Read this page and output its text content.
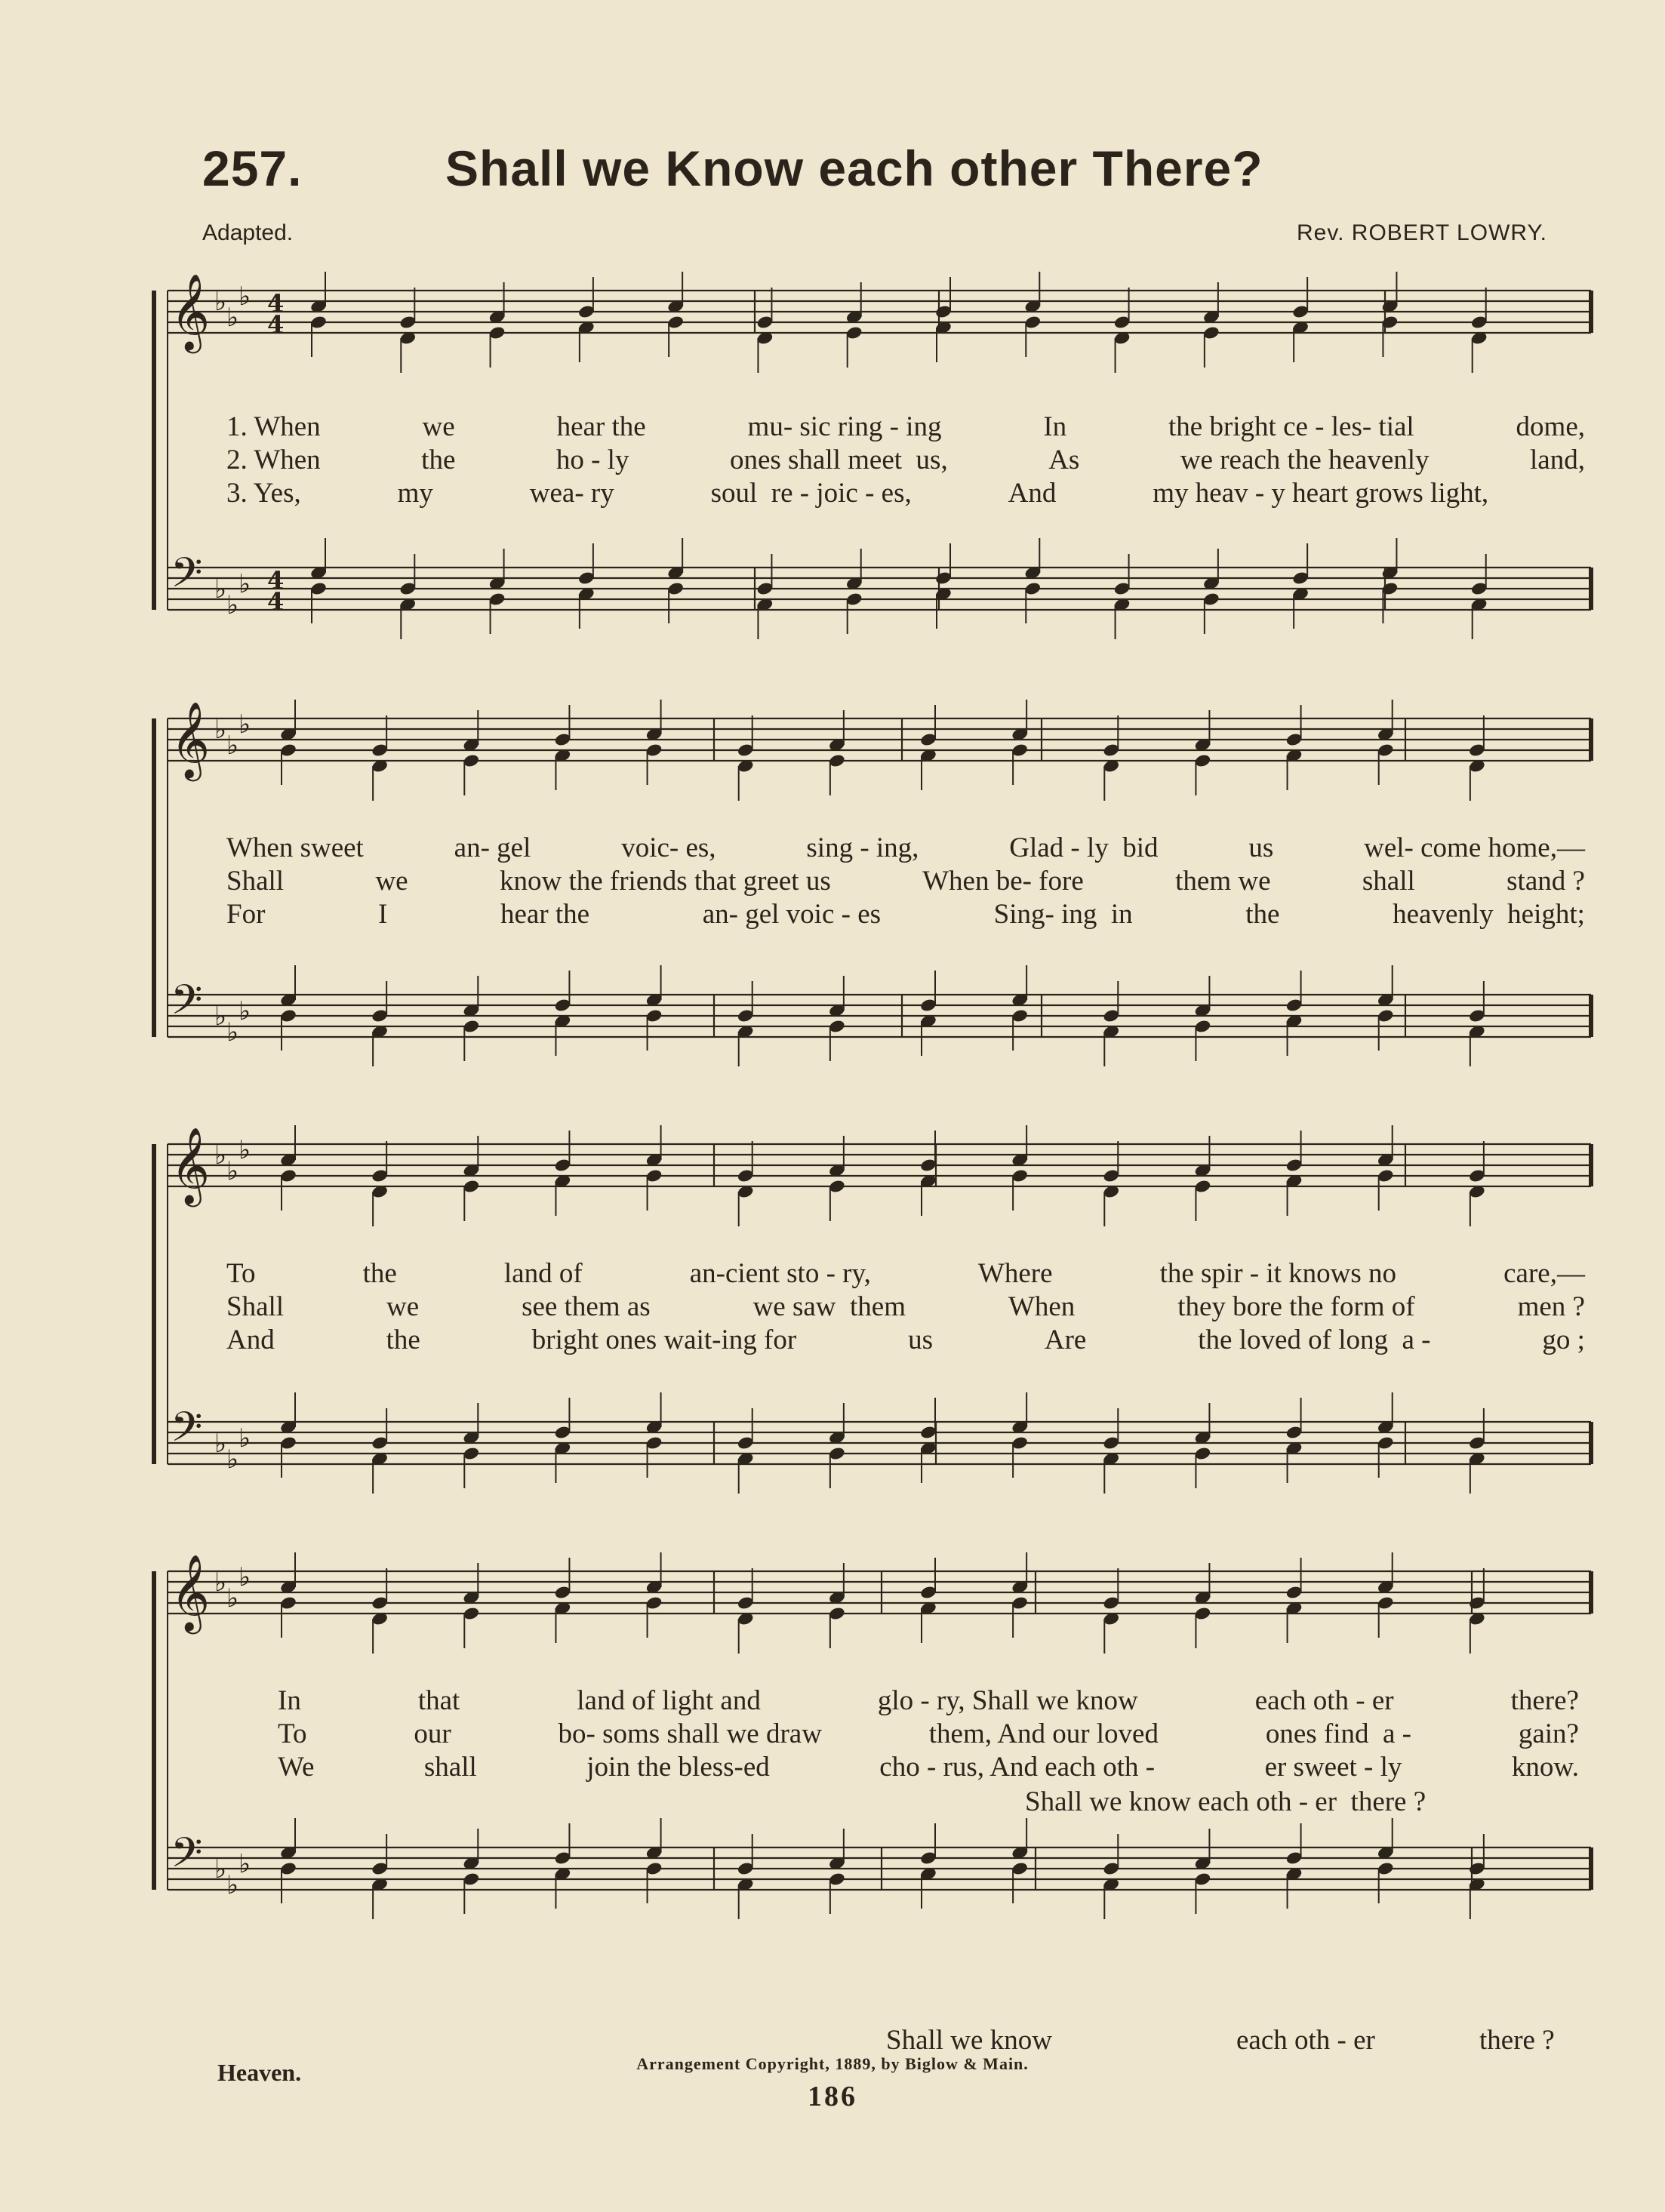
257.	Shall we Know each other There?
Adapted.	Rev. ROBERT LOWRY.
𝄞 ♭
♭
♭ 4
4
𝄢 ♭
♭
♭ 4
4
𝄞 ♭
♭
♭
𝄢 ♭
♭
♭
𝄞 ♭
♭
♭
𝄢 ♭
♭
♭
𝄞 ♭
♭
♭
𝄢 ♭
♭
♭
1. When	we	hear the	mu- sic ring - ing	In	the bright ce - les- tial	dome,
2. When	the	ho - ly	ones shall meet  us,	As	we reach the heavenly	land,
3. Yes,	my	wea- ry	soul  re - joic - es,	And	my heav - y heart grows light,
When sweet	an- gel	voic- es,	sing - ing,	Glad - ly  bid	us	wel- come home,—
Shall	we	know the friends that greet us	When be- fore	them we	shall	stand ?
For	I	hear the	an- gel voic - es	Sing- ing  in	the	heavenly  height;
To	the	land of	an-cient sto - ry,	Where	the spir - it knows no	care,—
Shall	we	see them as	we saw  them	When	they bore the form of	men ?
And	the	bright ones wait-ing for	us	Are	the loved of long  a -	go ;
In	that	land of light and	glo - ry, Shall we know	each oth - er	there?
To	our	bo- soms shall we draw	them, And our loved	ones find  a -	gain?
We	shall	join the bless-ed	cho - rus, And each oth -	er sweet - ly	know.
Shall we know each oth - er  there ?
Shall we know	each oth - er	there ?
Arrangement Copyright, 1889, by Biglow & Main.
Heaven.
186
